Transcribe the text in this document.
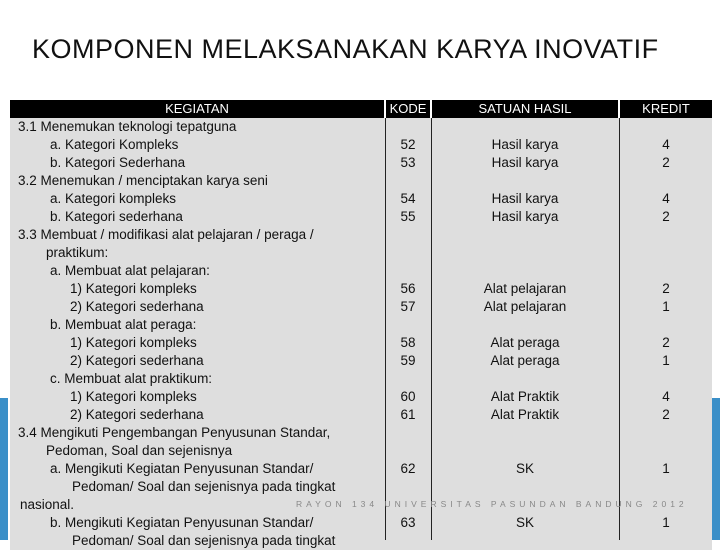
KOMPONEN MELAKSANAKAN KARYA INOVATIF
KEGIATAN	KODE	SATUAN HASIL	KREDIT
3.1 Menemukan teknologi tepatguna
a. Kategori Kompleks	52	Hasil karya	4
b. Kategori Sederhana	53	Hasil karya	2
3.2 Menemukan / menciptakan karya seni
a. Kategori kompleks	54	Hasil karya	4
b. Kategori sederhana	55	Hasil karya	2
3.3 Membuat / modifikasi alat pelajaran / peraga /
praktikum:
a. Membuat alat pelajaran:
1) Kategori kompleks	56	Alat pelajaran	2
2) Kategori sederhana	57	Alat pelajaran	1
b. Membuat alat peraga:
1) Kategori kompleks	58	Alat peraga	2
2) Kategori sederhana	59	Alat peraga	1
c. Membuat alat praktikum:
1) Kategori kompleks	60	Alat Praktik	4
2) Kategori sederhana	61	Alat Praktik	2
3.4 Mengikuti Pengembangan Penyusunan Standar,
Pedoman, Soal dan sejenisnya
a. Mengikuti Kegiatan Penyusunan Standar/	62	SK	1
Pedoman/ Soal dan sejenisnya pada tingkat
nasional.
b. Mengikuti Kegiatan Penyusunan Standar/	63	SK	1
Pedoman/ Soal dan sejenisnya pada tingkat
RAYON 134 UNIVERSITAS PASUNDAN BANDUNG 2012
